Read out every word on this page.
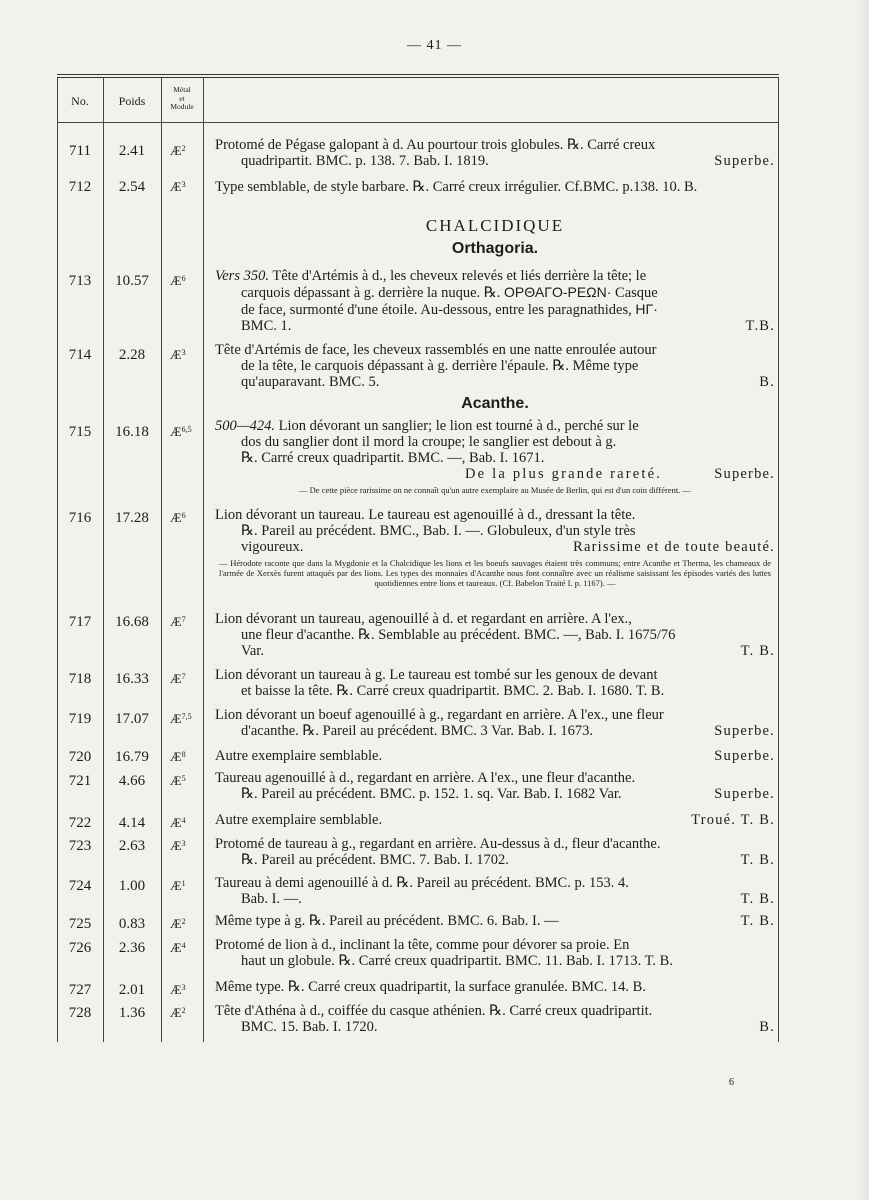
— 41 —
No.	Poids
Métal
et
Module
711	2.41	$Æ^2$ Protomé de Pégase galopant à d. Au pourtour trois globules. ℞. Carré creux
quadripartit. BMC. p. 138. 7. Bab. I. 1819.	Superbe.
712	2.54	$Æ^3$ Type semblable, de style barbare. ℞. Carré creux irrégulier. Cf.BMC. p.138. 10. B.
CHALCIDIQUE
Orthagoria.
713	10.57	$Æ^6$ Vers 350. Tête d'Artémis à d., les cheveux relevés et liés derrière la tête; le
carquois dépassant à g. derrière la nuque. ℞. ΟΡΘΑΓΟ-ΡΕΩΝ· Casque
de face, surmonté d'une étoile. Au-dessous, entre les paragnathides, ΗΓ·
BMC. 1.	T.B.
714	2.28	$Æ^3$ Tête d'Artémis de face, les cheveux rassemblés en une natte enroulée autour
de la tête, le carquois dépassant à g. derrière l'épaule. ℞. Même type
qu'auparavant. BMC. 5.	B.
Acanthe.
715	16.18	Æ$^{6,5}$ 500—424. Lion dévorant un sanglier; le lion est tourné à d., perché sur le
dos du sanglier dont il mord la croupe; le sanglier est debout à g.
℞. Carré creux quadripartit. BMC. —, Bab. I. 1671.
De la plus grande rareté.	Superbe.
— De cette pièce rarissime on ne connaît qu'un autre exemplaire au Musée de Berlin, qui est d'un coin différent. —
716	17.28	$Æ^6$ Lion dévorant un taureau. Le taureau est agenouillé à d., dressant la tête.
℞. Pareil au précédent. BMC., Bab. I. —. Globuleux, d'un style très
vigoureux.	Rarissime et de toute beauté.
— Hérodote raconte que dans la Mygdonie et la Chalcidique les lions et les boeufs sauvages étaient très communs; entre Acanthe et Therma, les chameaux de l'armée de Xerxès furent attaqués par des lions. Les types des monnaies d'Acanthe nous font connaître avec un réalisme saisissant les épisodes variés des luttes quotidiennes entre lions et taureaux. (Cf. Babelon Traité I. p. 1167). —
717	16.68	$Æ^7$ Lion dévorant un taureau, agenouillé à d. et regardant en arrière. A l'ex.,
une fleur d'acanthe. ℞. Semblable au précédent. BMC. —, Bab. I. 1675/76
Var.	T. B.
718	16.33	$Æ^7$ Lion dévorant un taureau à g. Le taureau est tombé sur les genoux de devant
et baisse la tête. ℞. Carré creux quadripartit. BMC. 2. Bab. I. 1680. T. B.
719	17.07	Æ$^{7,5}$ Lion dévorant un boeuf agenouillé à g., regardant en arrière. A l'ex., une fleur
d'acanthe. ℞. Pareil au précédent. BMC. 3 Var. Bab. I. 1673.	Superbe.
720	16.79	$Æ^8$ Autre exemplaire semblable.	Superbe.
721	4.66	$Æ^5$ Taureau agenouillé à d., regardant en arrière. A l'ex., une fleur d'acanthe.
℞. Pareil au précédent. BMC. p. 152. 1. sq. Var. Bab. I. 1682 Var.	Superbe.
722	4.14	$Æ^4$ Autre exemplaire semblable.	Troué. T. B.
723	2.63	$Æ^3$ Protomé de taureau à g., regardant en arrière. Au-dessus à d., fleur d'acanthe.
℞. Pareil au précédent. BMC. 7. Bab. I. 1702.	T. B.
724	1.00	$Æ^1$ Taureau à demi agenouillé à d. ℞. Pareil au précédent. BMC. p. 153. 4.
Bab. I. —.	T. B.
725	0.83	$Æ^2$ Même type à g. ℞. Pareil au précédent. BMC. 6. Bab. I. —	T. B.
726	2.36	$Æ^4$ Protomé de lion à d., inclinant la tête, comme pour dévorer sa proie. En
haut un globule. ℞. Carré creux quadripartit. BMC. 11. Bab. I. 1713. T. B.
727	2.01	$Æ^3$ Même type. ℞. Carré creux quadripartit, la surface granulée. BMC. 14. B.
728	1.36	$Æ^2$ Tête d'Athéna à d., coiffée du casque athénien. ℞. Carré creux quadripartit.
BMC. 15. Bab. I. 1720.	B.
6
